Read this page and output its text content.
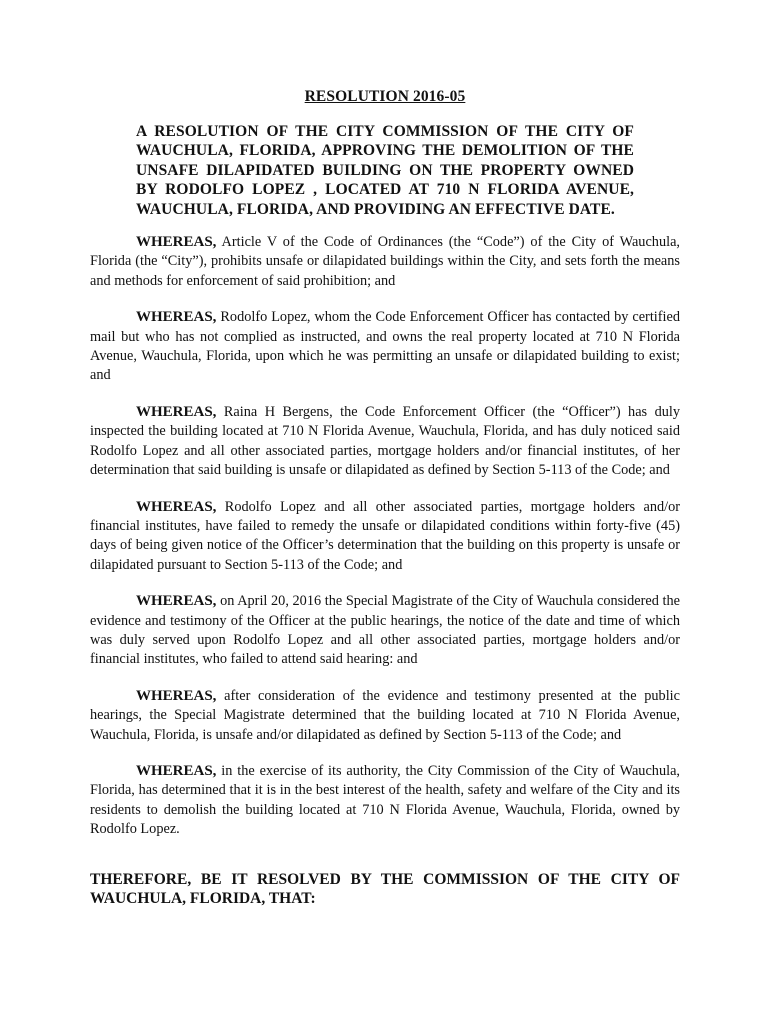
RESOLUTION 2016-05
A RESOLUTION OF THE CITY COMMISSION OF THE CITY OF WAUCHULA, FLORIDA, APPROVING THE DEMOLITION OF THE UNSAFE DILAPIDATED BUILDING ON THE PROPERTY OWNED BY RODOLFO LOPEZ , LOCATED AT 710 N FLORIDA AVENUE, WAUCHULA, FLORIDA, AND PROVIDING AN EFFECTIVE DATE.
WHEREAS, Article V of the Code of Ordinances (the “Code”) of the City of Wauchula, Florida (the “City”), prohibits unsafe or dilapidated buildings within the City, and sets forth the means and methods for enforcement of said prohibition; and
WHEREAS, Rodolfo Lopez, whom the Code Enforcement Officer has contacted by certified mail but who has not complied as instructed, and owns the real property located at 710 N Florida Avenue, Wauchula, Florida, upon which he was permitting an unsafe or dilapidated building to exist; and
WHEREAS, Raina H Bergens, the Code Enforcement Officer (the “Officer”) has duly inspected the building located at 710 N Florida Avenue, Wauchula, Florida, and has duly noticed said Rodolfo Lopez and all other associated parties, mortgage holders and/or financial institutes, of her determination that said building is unsafe or dilapidated as defined by Section 5-113 of the Code; and
WHEREAS, Rodolfo Lopez and all other associated parties, mortgage holders and/or financial institutes, have failed to remedy the unsafe or dilapidated conditions within forty-five (45) days of being given notice of the Officer’s determination that the building on this property is unsafe or dilapidated pursuant to Section 5-113 of the Code; and
WHEREAS, on April 20, 2016 the Special Magistrate of the City of Wauchula considered the evidence and testimony of the Officer at the public hearings, the notice of the date and time of which was duly served upon Rodolfo Lopez and all other associated parties, mortgage holders and/or financial institutes, who failed to attend said hearing: and
WHEREAS, after consideration of the evidence and testimony presented at the public hearings, the Special Magistrate determined that the building located at 710 N Florida Avenue, Wauchula, Florida, is unsafe and/or dilapidated as defined by Section 5-113 of the Code; and
WHEREAS, in the exercise of its authority, the City Commission of the City of Wauchula, Florida, has determined that it is in the best interest of the health, safety and welfare of the City and its residents to demolish the building located at 710 N Florida Avenue, Wauchula, Florida, owned by Rodolfo Lopez.
THEREFORE, BE IT RESOLVED BY THE COMMISSION OF THE CITY OF WAUCHULA, FLORIDA, THAT:
